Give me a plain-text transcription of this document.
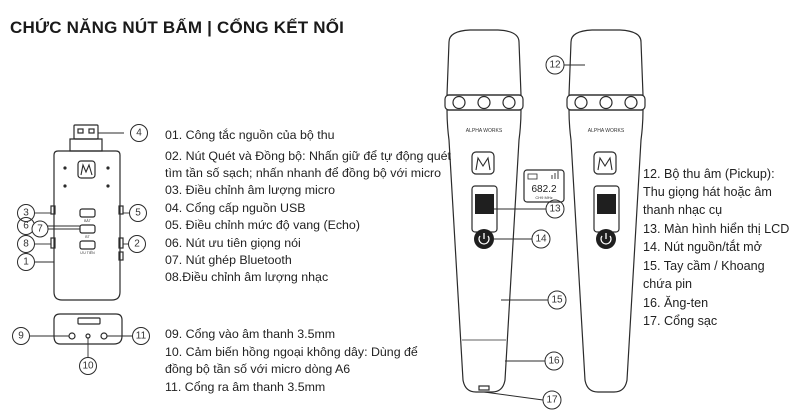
CHỨC NĂNG NÚT BẤM | CỔNG KẾT NỐI
01. Công tắc nguồn của bộ thu
02. Nút Quét và Đồng bộ: Nhấn giữ để tự động quét
tìm tần số sạch; nhấn nhanh để đồng bộ với micro
03. Điều chỉnh âm lượng micro
04. Cổng cấp nguồn USB
05. Điều chỉnh mức độ vang (Echo)
06. Nút ưu tiên giọng nói
07. Nút ghép Bluetooth
08.Điều chỉnh âm lượng nhạc
09. Cổng vào âm thanh 3.5mm
10. Cảm biến hồng ngoại không dây: Dùng để
đồng bộ tần số với micro dòng A6
11. Cổng ra âm thanh 3.5mm
12. Bộ thu âm (Pickup):
Thu giọng hát hoặc âm
thanh nhạc cụ
13. Màn hình hiển thị LCD
14. Nút nguồn/tắt mở
15. Tay cầm / Khoang
chứa pin
16. Ăng-ten
17. Cổng sạc
4
3	5
6
8	2
1
9	11
10
12
13
14
15
16
17
ALPHA WORKS	ALPHA WORKS
682.2
CH9 MHz
BẮT
BT
ƯU TIÊN
7
